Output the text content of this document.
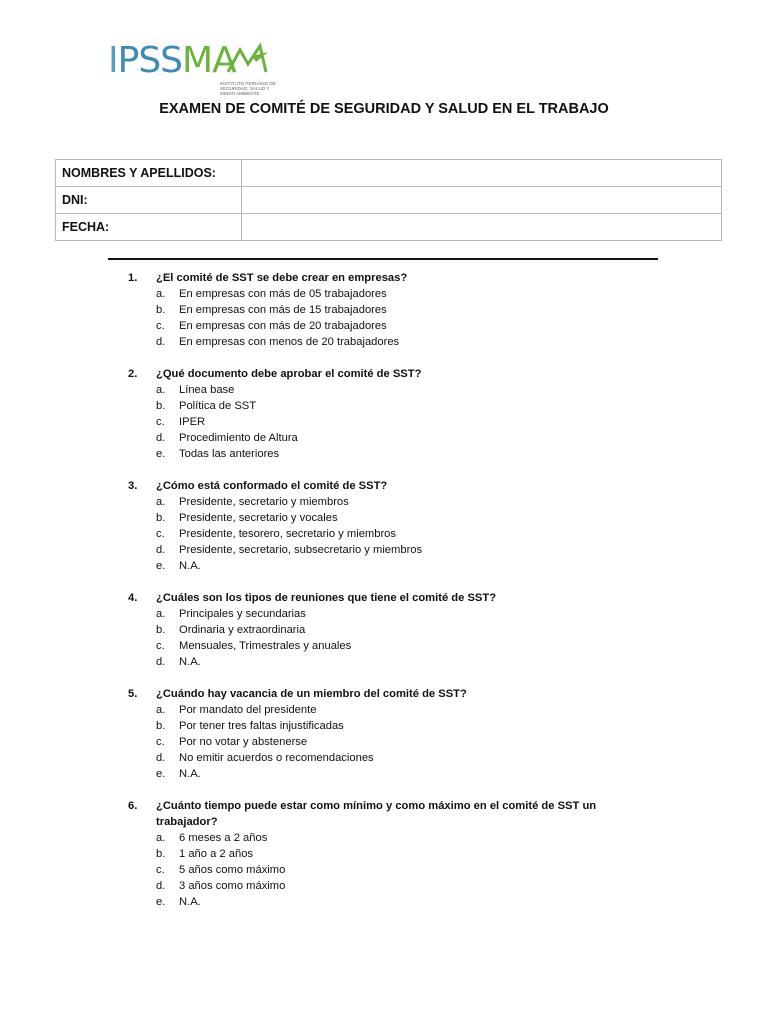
IPSSMA
INSTITUTO PERUANO DE
SEGURIDAD, SALUD Y
MEDIO AMBIENTE
EXAMEN DE COMITÉ DE SEGURIDAD Y SALUD EN EL TRABAJO
NOMBRES Y APELLIDOS:	
DNI:	
FECHA:	
1.	¿El comité de SST se debe crear en empresas?
a.	En empresas con más de 05 trabajadores
b.	En empresas con más de 15 trabajadores
c.	En empresas con más de 20 trabajadores
d.	En empresas con menos de 20 trabajadores
2.	¿Qué documento debe aprobar el comité de SST?
a.	Línea base
b.	Política de SST
c.	IPER
d.	Procedimiento de Altura
e.	Todas las anteriores
3.	¿Cómo está conformado el comité de SST?
a.	Presidente, secretario y miembros
b.	Presidente, secretario y vocales
c.	Presidente, tesorero, secretario y miembros
d.	Presidente, secretario, subsecretario y miembros
e.	N.A.
4.	¿Cuáles son los tipos de reuniones que tiene el comité de SST?
a.	Principales y secundarias
b.	Ordinaria y extraordinaria
c.	Mensuales, Trimestrales y anuales
d.	N.A.
5.	¿Cuándo hay vacancia de un miembro del comité de SST?
a.	Por mandato del presidente
b.	Por tener tres faltas injustificadas
c.	Por no votar y abstenerse
d.	No emitir acuerdos o recomendaciones
e.	N.A.
6.	¿Cuánto tiempo puede estar como mínimo y como máximo en el comité de SST un trabajador?
a.	6 meses a 2 años
b.	1 año a 2 años
c.	5 años como máximo
d.	3 años como máximo
e.	N.A.
